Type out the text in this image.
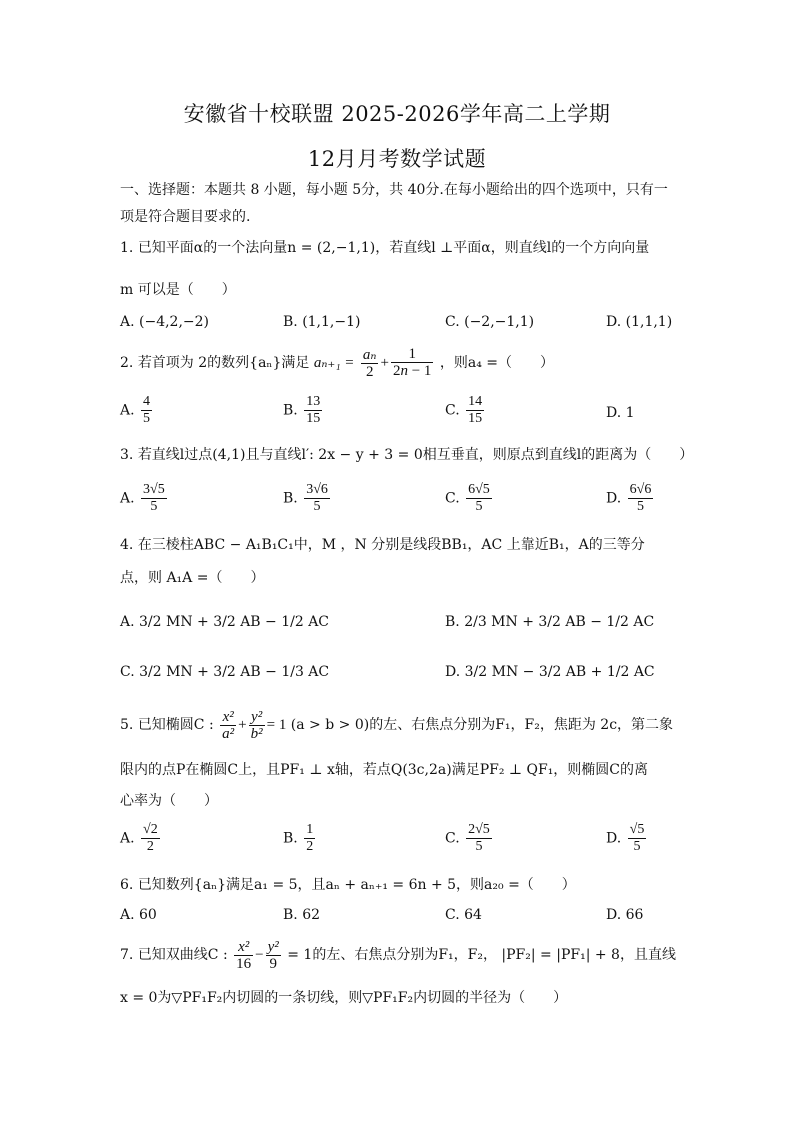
安徽省十校联盟 2025-2026学年高二上学期
12月月考数学试题
一、选择题：本题共 8 小题，每小题 5分，共 40分.在每小题给出的四个选项中，只有一
项是符合题目要求的.
1. 已知平面α的一个法向量n = (2,−1,1)，若直线l ⊥平面α，则直线l的一个方向向量
m 可以是（　　）
A. (−4,2,−2)	B. (1,1,−1)	C. (−2,−1,1)	D. (1,1,1)
2. 若首项为 2的数列{aₙ}满足 $a_{n+1} = \frac{\text{aₙ}}{2} + \frac{1}{2n - 1}$ ，则a₄ =（　　）
A. $\frac{4}{5}$	B. $\frac{13}{15}$	C. $\frac{14}{15}$	D. 1
3. 若直线l过点(4,1)且与直线l′: 2x − y + 3 = 0相互垂直，则原点到直线l的距离为（　　）
A. $\frac{3√5}{5}$	B. $\frac{3√6}{5}$	C. $\frac{6√5}{5}$	D. $\frac{6√6}{5}$
4. 在三棱柱ABC − A₁B₁C₁中，M ，N 分别是线段BB₁，AC 上靠近B₁，A的三等分
点，则 A₁A =（　　）
A. 3/2 MN + 3/2 AB − 1/2 AC	B. 2/3 MN + 3/2 AB − 1/2 AC
C. 3/2 MN + 3/2 AB − 1/3 AC	D. 3/2 MN − 3/2 AB + 1/2 AC
5. 已知椭圆C : $\frac{\text{x²}}{\text{a²}} + \frac{\text{y²}}{\text{b²}} = 1$ (a > b > 0)的左、右焦点分别为F₁，F₂，焦距为 2c，第二象
限内的点P在椭圆C上，且PF₁ ⊥ x轴，若点Q(3c,2a)满足PF₂ ⊥ QF₁，则椭圆C的离
心率为（　　）
A. $\frac{√2}{2}$	B. $\frac{1}{2}$	C. $\frac{2√5}{5}$	D. $\frac{√5}{5}$
6. 已知数列{aₙ}满足a₁ = 5，且aₙ + aₙ₊₁ = 6n + 5，则a₂₀ =（　　）
A. 60	B. 62	C. 64	D. 66
7. 已知双曲线C : $\frac{\text{x²}}{16} - \frac{\text{y²}}{9} = 1$的左、右焦点分别为F₁，F₂， |PF₂| = |PF₁| + 8，且直线
x = 0为▽PF₁F₂内切圆的一条切线，则▽PF₁F₂内切圆的半径为（　　）
